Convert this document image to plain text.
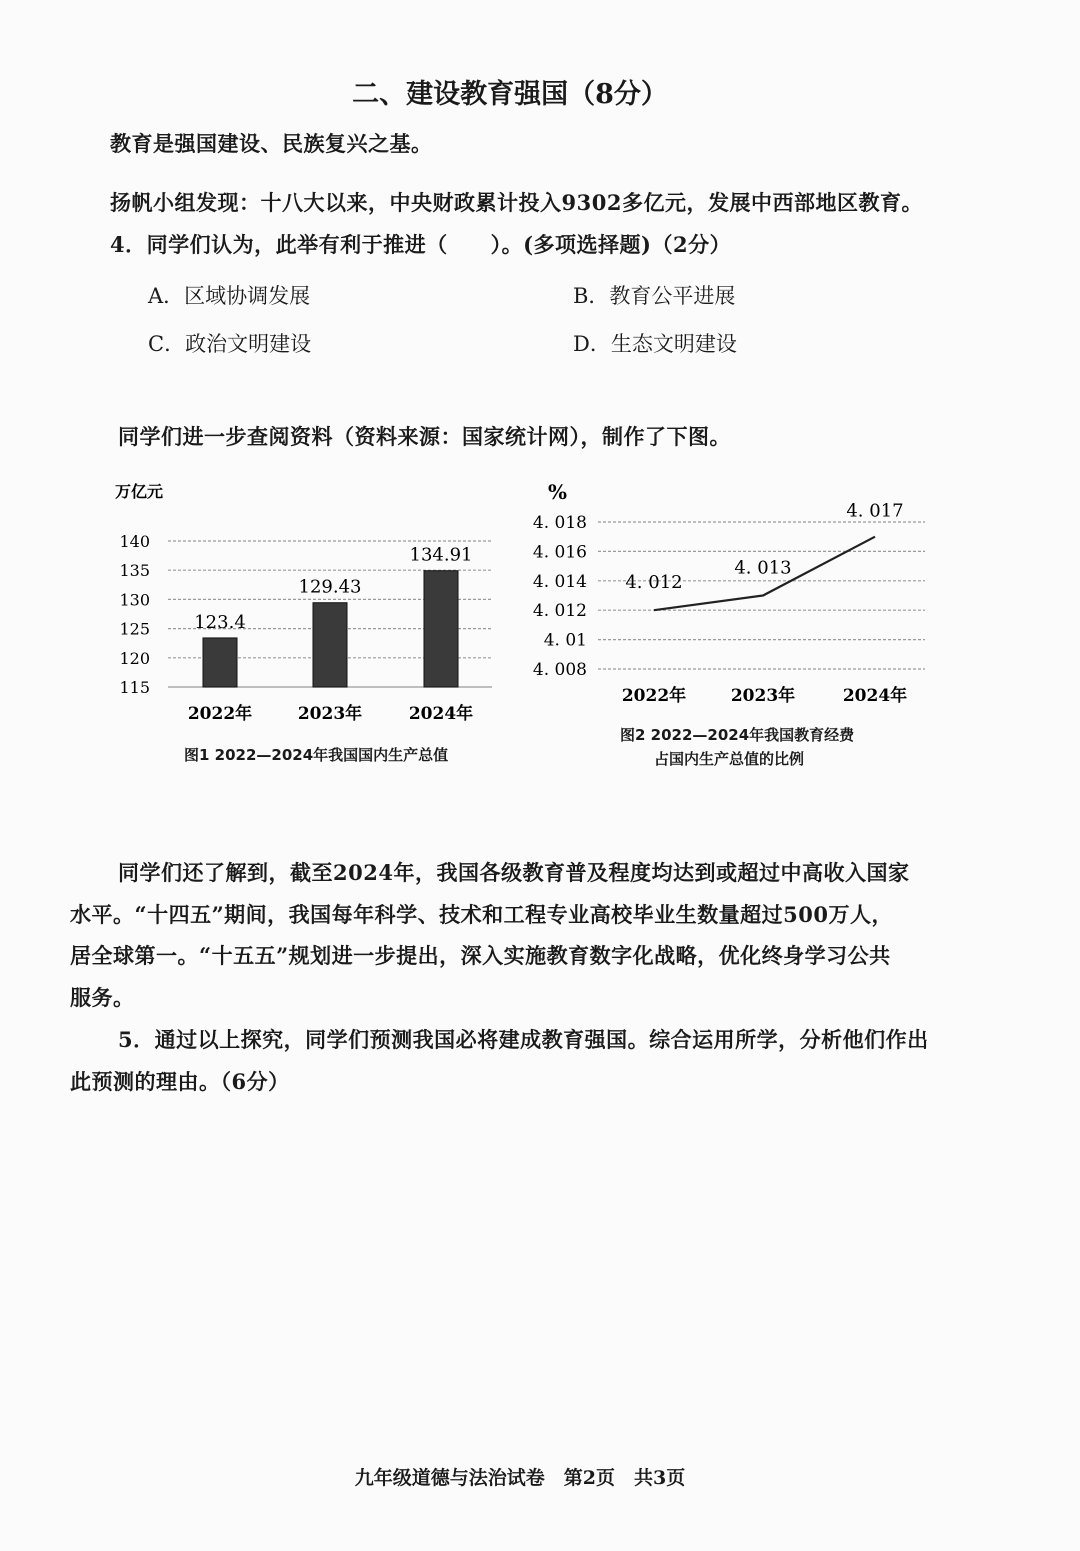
二、建设教育强国（8分）
教育是强国建设、民族复兴之基。
扬帆小组发现：十八大以来，中央财政累计投入9302多亿元，发展中西部地区教育。
4．同学们认为，此举有利于推进（　　）。(多项选择题)（2分）
A．区域协调发展	B．教育公平进展
C．政治文明建设	D．生态文明建设
同学们进一步查阅资料（资料来源：国家统计网），制作了下图。
万亿元
115
120
125
130
135
140
123.4
129.43
134.91
2022年	2023年	2024年
图1 2022—2024年我国国内生产总值
%
4. 008
4. 01
4. 012
4. 014
4. 016
4. 018
4. 012
4. 013
4. 017
2022年	2023年	2024年
图2 2022—2024年我国教育经费
占国内生产总值的比例
同学们还了解到，截至2024年，我国各级教育普及程度均达到或超过中高收入国家
水平。“十四五”期间，我国每年科学、技术和工程专业高校毕业生数量超过500万人，
居全球第一。“十五五”规划进一步提出，深入实施教育数字化战略，优化终身学习公共
服务。
5．通过以上探究，同学们预测我国必将建成教育强国。综合运用所学，分析他们作出
此预测的理由。（6分）
九年级道德与法治试卷　第2页　共3页
